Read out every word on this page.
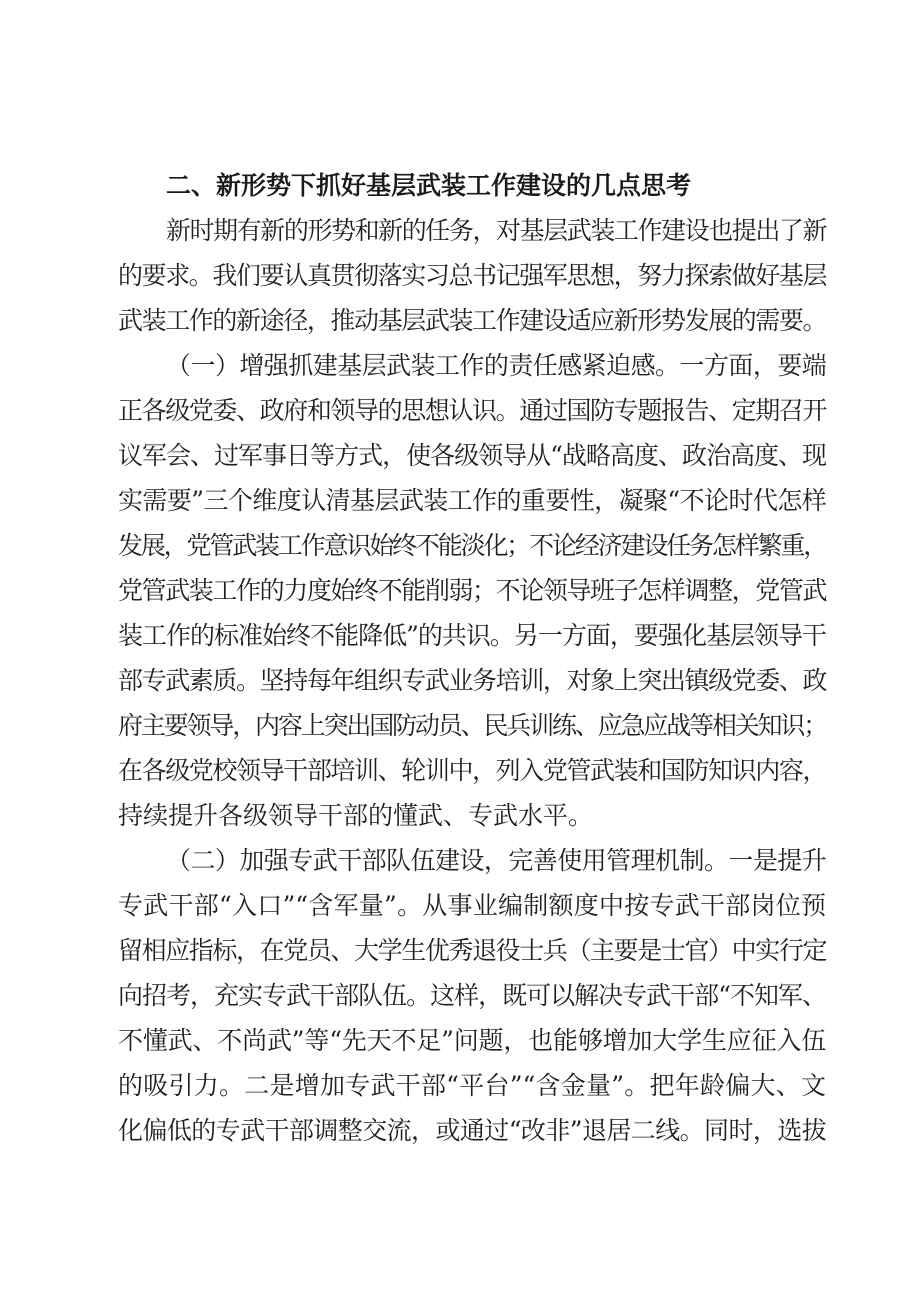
二、新形势下抓好基层武装工作建设的几点思考

新时期有新的形势和新的任务，对基层武装工作建设也提出了新

的要求。我们要认真贯彻落实习总书记强军思想，努力探索做好基层

武装工作的新途径，推动基层武装工作建设适应新形势发展的需要。

（一）增强抓建基层武装工作的责任感紧迫感。一方面，要端

正各级党委、政府和领导的思想认识。通过国防专题报告、定期召开

议军会、过军事日等方式，使各级领导从“战略高度、政治高度、现

实需要”三个维度认清基层武装工作的重要性，凝聚“不论时代怎样

发展，党管武装工作意识始终不能淡化；不论经济建设任务怎样繁重，

党管武装工作的力度始终不能削弱；不论领导班子怎样调整，党管武

装工作的标准始终不能降低”的共识。另一方面，要强化基层领导干

部专武素质。坚持每年组织专武业务培训，对象上突出镇级党委、政

府主要领导，内容上突出国防动员、民兵训练、应急应战等相关知识；

在各级党校领导干部培训、轮训中，列入党管武装和国防知识内容，

持续提升各级领导干部的懂武、专武水平。

（二）加强专武干部队伍建设，完善使用管理机制。一是提升

专武干部“入口”“含军量”。从事业编制额度中按专武干部岗位预

留相应指标，在党员、大学生优秀退役士兵（主要是士官）中实行定

向招考，充实专武干部队伍。这样，既可以解决专武干部“不知军、

不懂武、不尚武”等“先天不足”问题，也能够增加大学生应征入伍

的吸引力。二是增加专武干部“平台”“含金量”。把年龄偏大、文

化偏低的专武干部调整交流，或通过“改非”退居二线。同时，选拔
